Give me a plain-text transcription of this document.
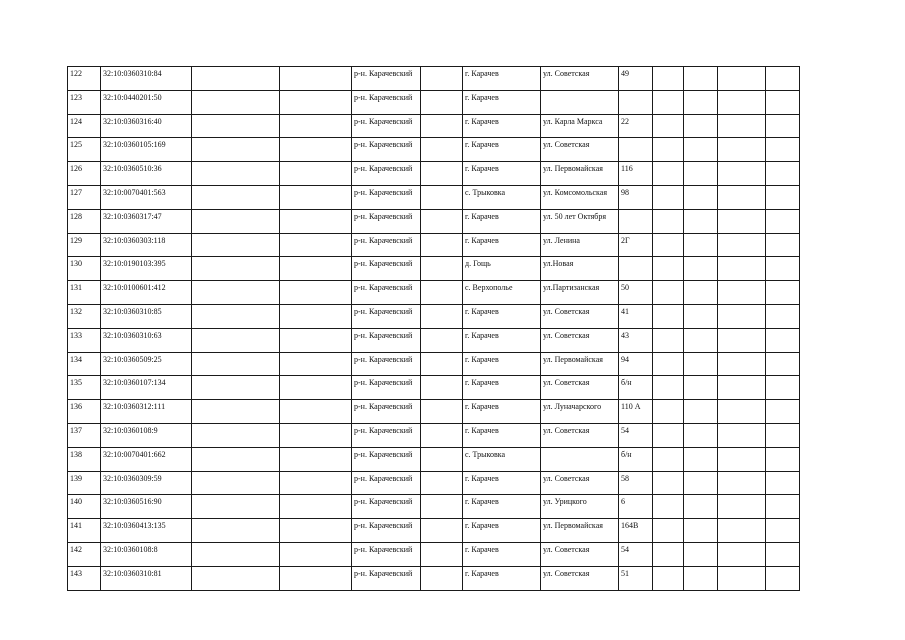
122	32:10:0360310:84			р-н. Карачевский		г. Карачев	ул. Советская	49				
123	32:10:0440201:50			р-н. Карачевский		г. Карачев						
124	32:10:0360316:40			р-н. Карачевский		г. Карачев	ул. Карла Маркса	22				
125	32:10:0360105:169			р-н. Карачевский		г. Карачев	ул. Советская					
126	32:10:0360510:36			р-н. Карачевский		г. Карачев	ул. Первомайская	116				
127	32:10:0070401:563			р-н. Карачевский		с. Трыковка	ул. Комсомольская	98				
128	32:10:0360317:47			р-н. Карачевский		г. Карачев	ул. 50 лет Октября					
129	32:10:0360303:118			р-н. Карачевский		г. Карачев	ул. Ленина	2Г				
130	32:10:0190103:395			р-н. Карачевский		д. Гощь	ул.Новая					
131	32:10:0100601:412			р-н. Карачевский		с. Верхополье	ул.Партизанская	50				
132	32:10:0360310:85			р-н. Карачевский		г. Карачев	ул. Советская	41				
133	32:10:0360310:63			р-н. Карачевский		г. Карачев	ул. Советская	43				
134	32:10:0360509:25			р-н. Карачевский		г. Карачев	ул. Первомайская	94				
135	32:10:0360107:134			р-н. Карачевский		г. Карачев	ул. Советская	б/н				
136	32:10:0360312:111			р-н. Карачевский		г. Карачев	ул. Луначарского	110 А				
137	32:10:0360108:9			р-н. Карачевский		г. Карачев	ул. Советская	54				
138	32:10:0070401:662			р-н. Карачевский		с. Трыковка		б/н				
139	32:10:0360309:59			р-н. Карачевский		г. Карачев	ул. Советская	58				
140	32:10:0360516:90			р-н. Карачевский		г. Карачев	ул. Урицкого	6				
141	32:10:0360413:135			р-н. Карачевский		г. Карачев	ул. Первомайская	164В				
142	32:10:0360108:8			р-н. Карачевский		г. Карачев	ул. Советская	54				
143	32:10:0360310:81			р-н. Карачевский		г. Карачев	ул. Советская	51				
